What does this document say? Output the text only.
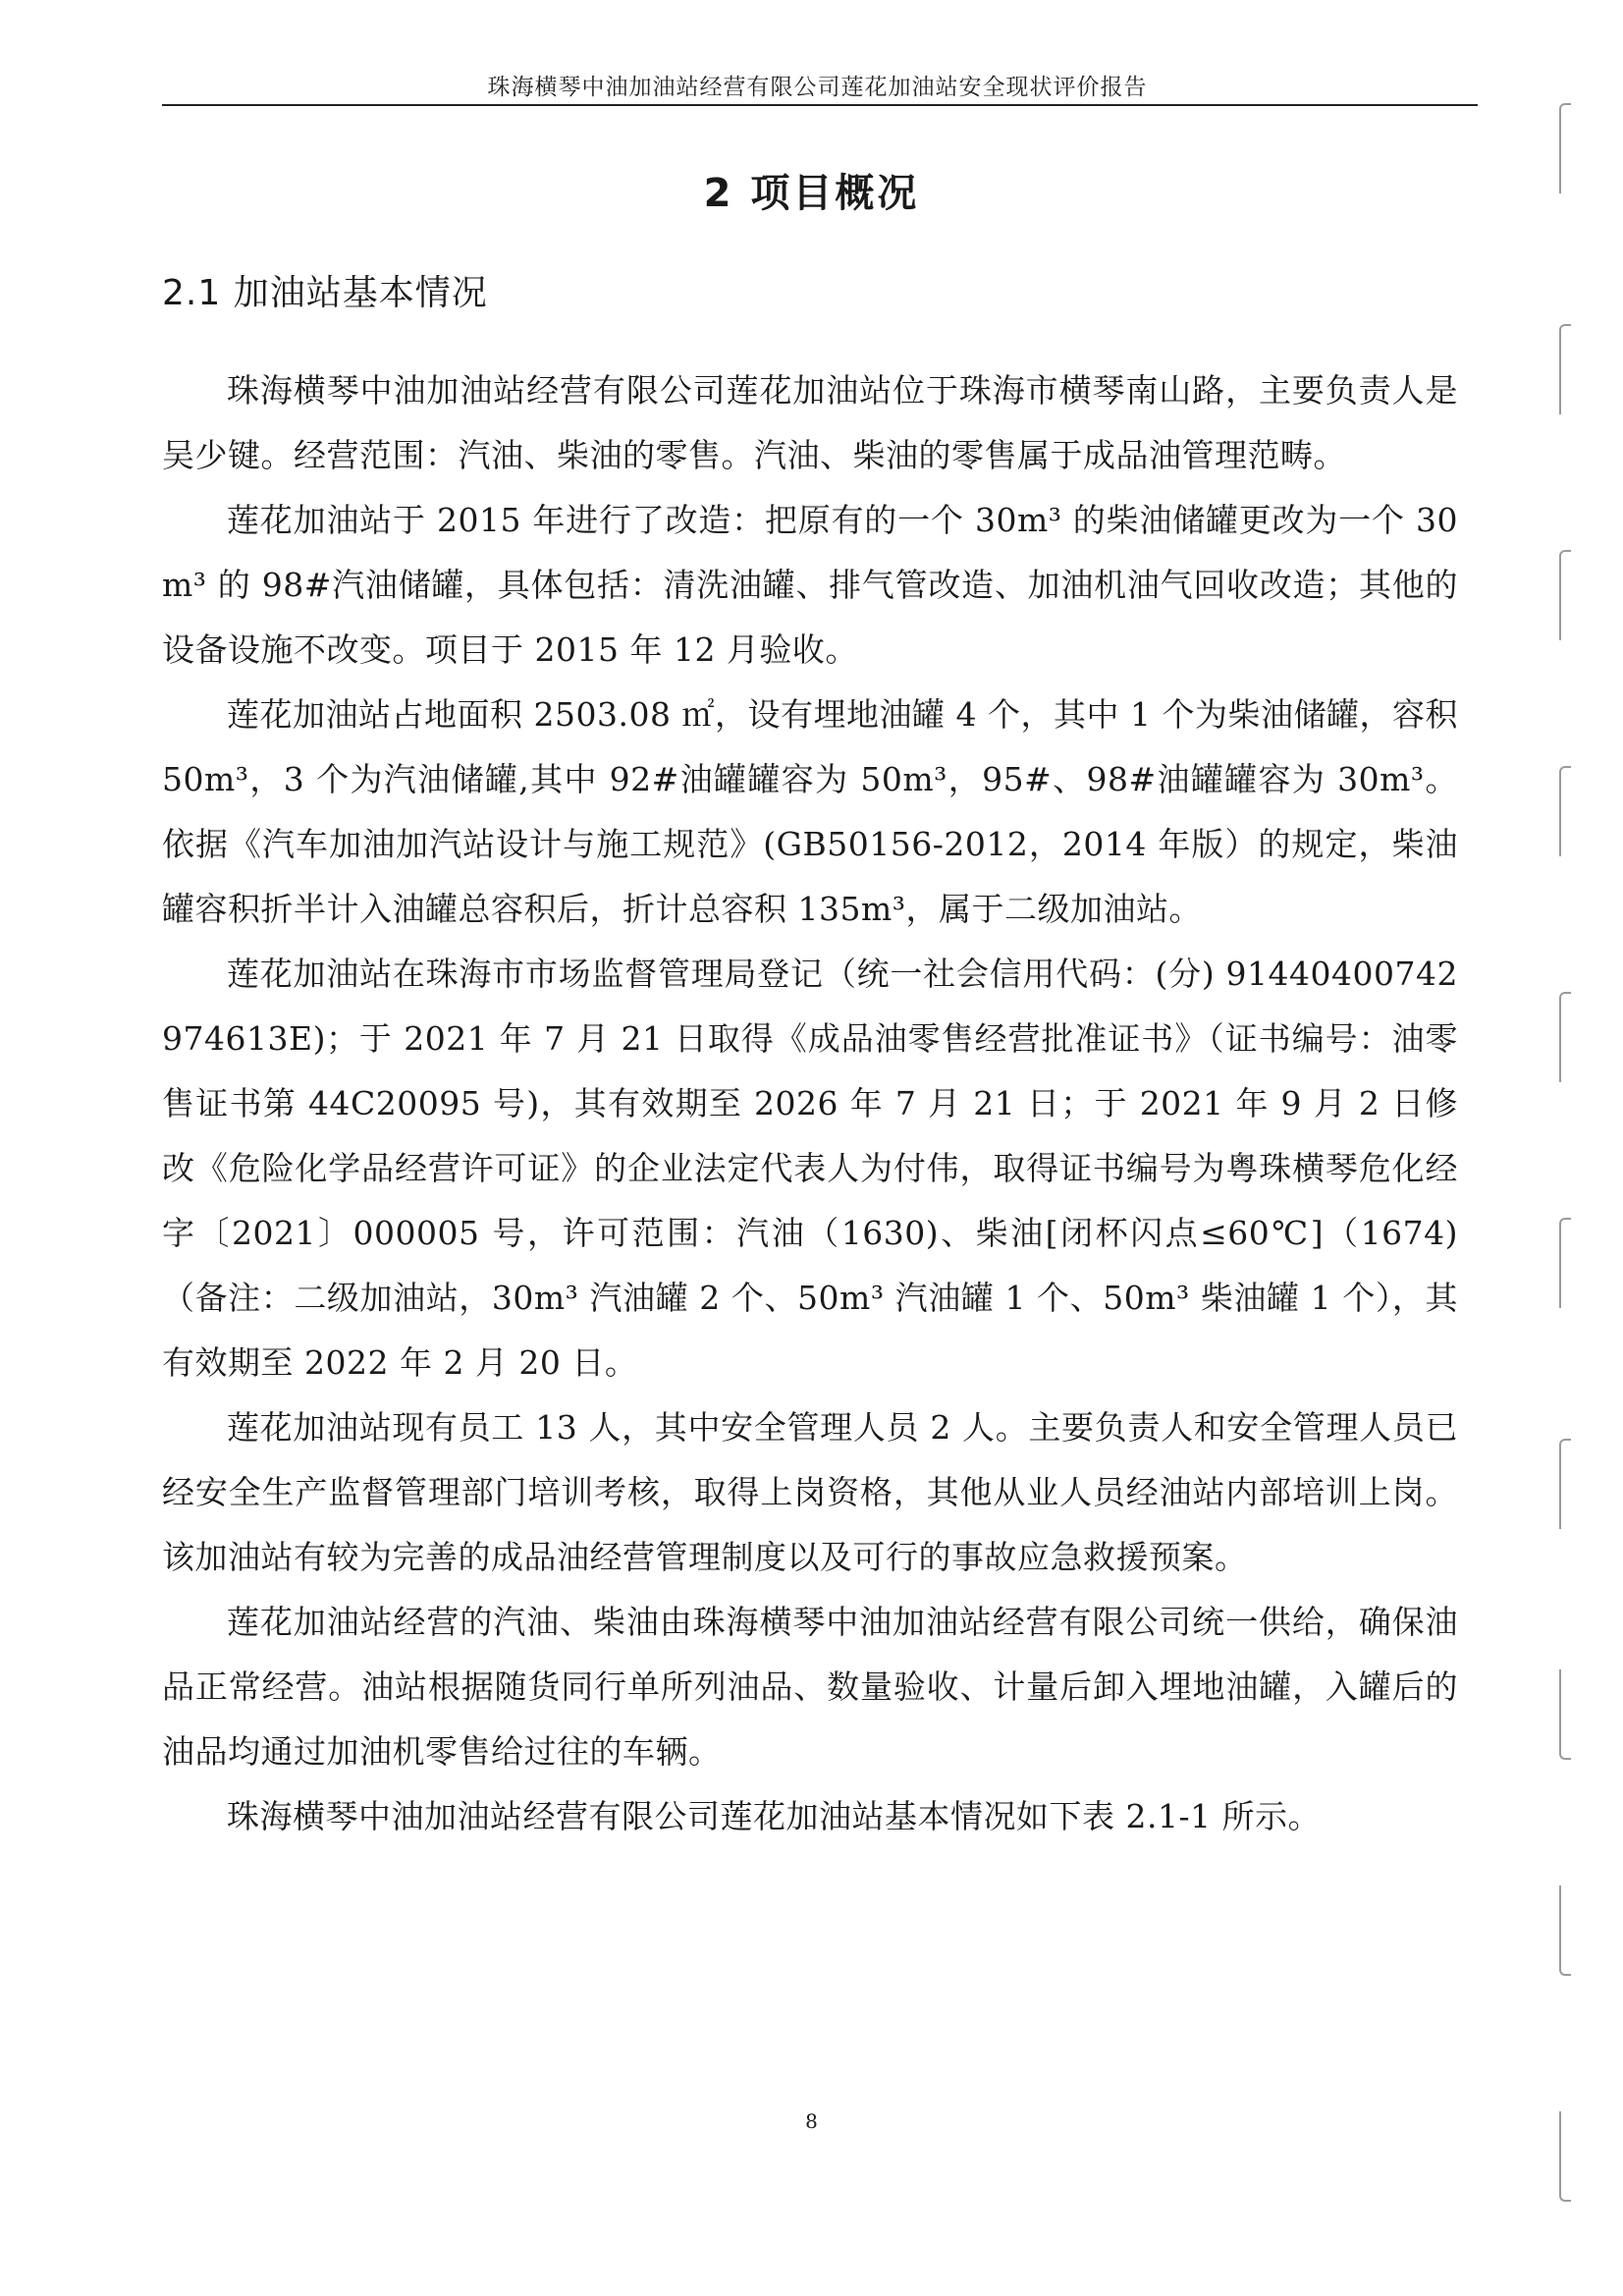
珠海横琴中油加油站经营有限公司莲花加油站安全现状评价报告
2 项目概况
2.1 加油站基本情况

珠海横琴中油加油站经营有限公司莲花加油站位于珠海市横琴南山路，主要负责人是吴少键。经营范围：汽油、柴油的零售。汽油、柴油的零售属于成品油管理范畴。

莲花加油站于 2015 年进行了改造：把原有的一个 30m³ 的柴油储罐更改为一个 30m³ 的 98#汽油储罐，具体包括：清洗油罐、排气管改造、加油机油气回收改造；其他的设备设施不改变。项目于 2015 年 12 月验收。

莲花加油站占地面积 2503.08 ㎡，设有埋地油罐 4 个，其中 1 个为柴油储罐，容积 50m³，3 个为汽油储罐,其中 92#油罐罐容为 50m³，95#、98#油罐罐容为 30m³。依据《汽车加油加汽站设计与施工规范》(GB50156-2012，2014 年版）的规定，柴油罐容积折半计入油罐总容积后，折计总容积 135m³，属于二级加油站。

莲花加油站在珠海市市场监督管理局登记（统一社会信用代码：(分) 91440400742974613E)；于 2021 年 7 月 21 日取得《成品油零售经营批准证书》（证书编号：油零售证书第 44C20095 号)，其有效期至 2026 年 7 月 21 日；于 2021 年 9 月 2 日修改《危险化学品经营许可证》的企业法定代表人为付伟，取得证书编号为粤珠横琴危化经字〔2021〕000005 号，许可范围：汽油（1630)、柴油[闭杯闪点≤60℃]（1674)（备注：二级加油站，30m³ 汽油罐 2 个、50m³ 汽油罐 1 个、50m³ 柴油罐 1 个），其有效期至 2022 年 2 月 20 日。

莲花加油站现有员工 13 人，其中安全管理人员 2 人。主要负责人和安全管理人员已经安全生产监督管理部门培训考核，取得上岗资格，其他从业人员经油站内部培训上岗。该加油站有较为完善的成品油经营管理制度以及可行的事故应急救援预案。

莲花加油站经营的汽油、柴油由珠海横琴中油加油站经营有限公司统一供给，确保油品正常经营。油站根据随货同行单所列油品、数量验收、计量后卸入埋地油罐，入罐后的油品均通过加油机零售给过往的车辆。

珠海横琴中油加油站经营有限公司莲花加油站基本情况如下表 2.1-1 所示。

8
